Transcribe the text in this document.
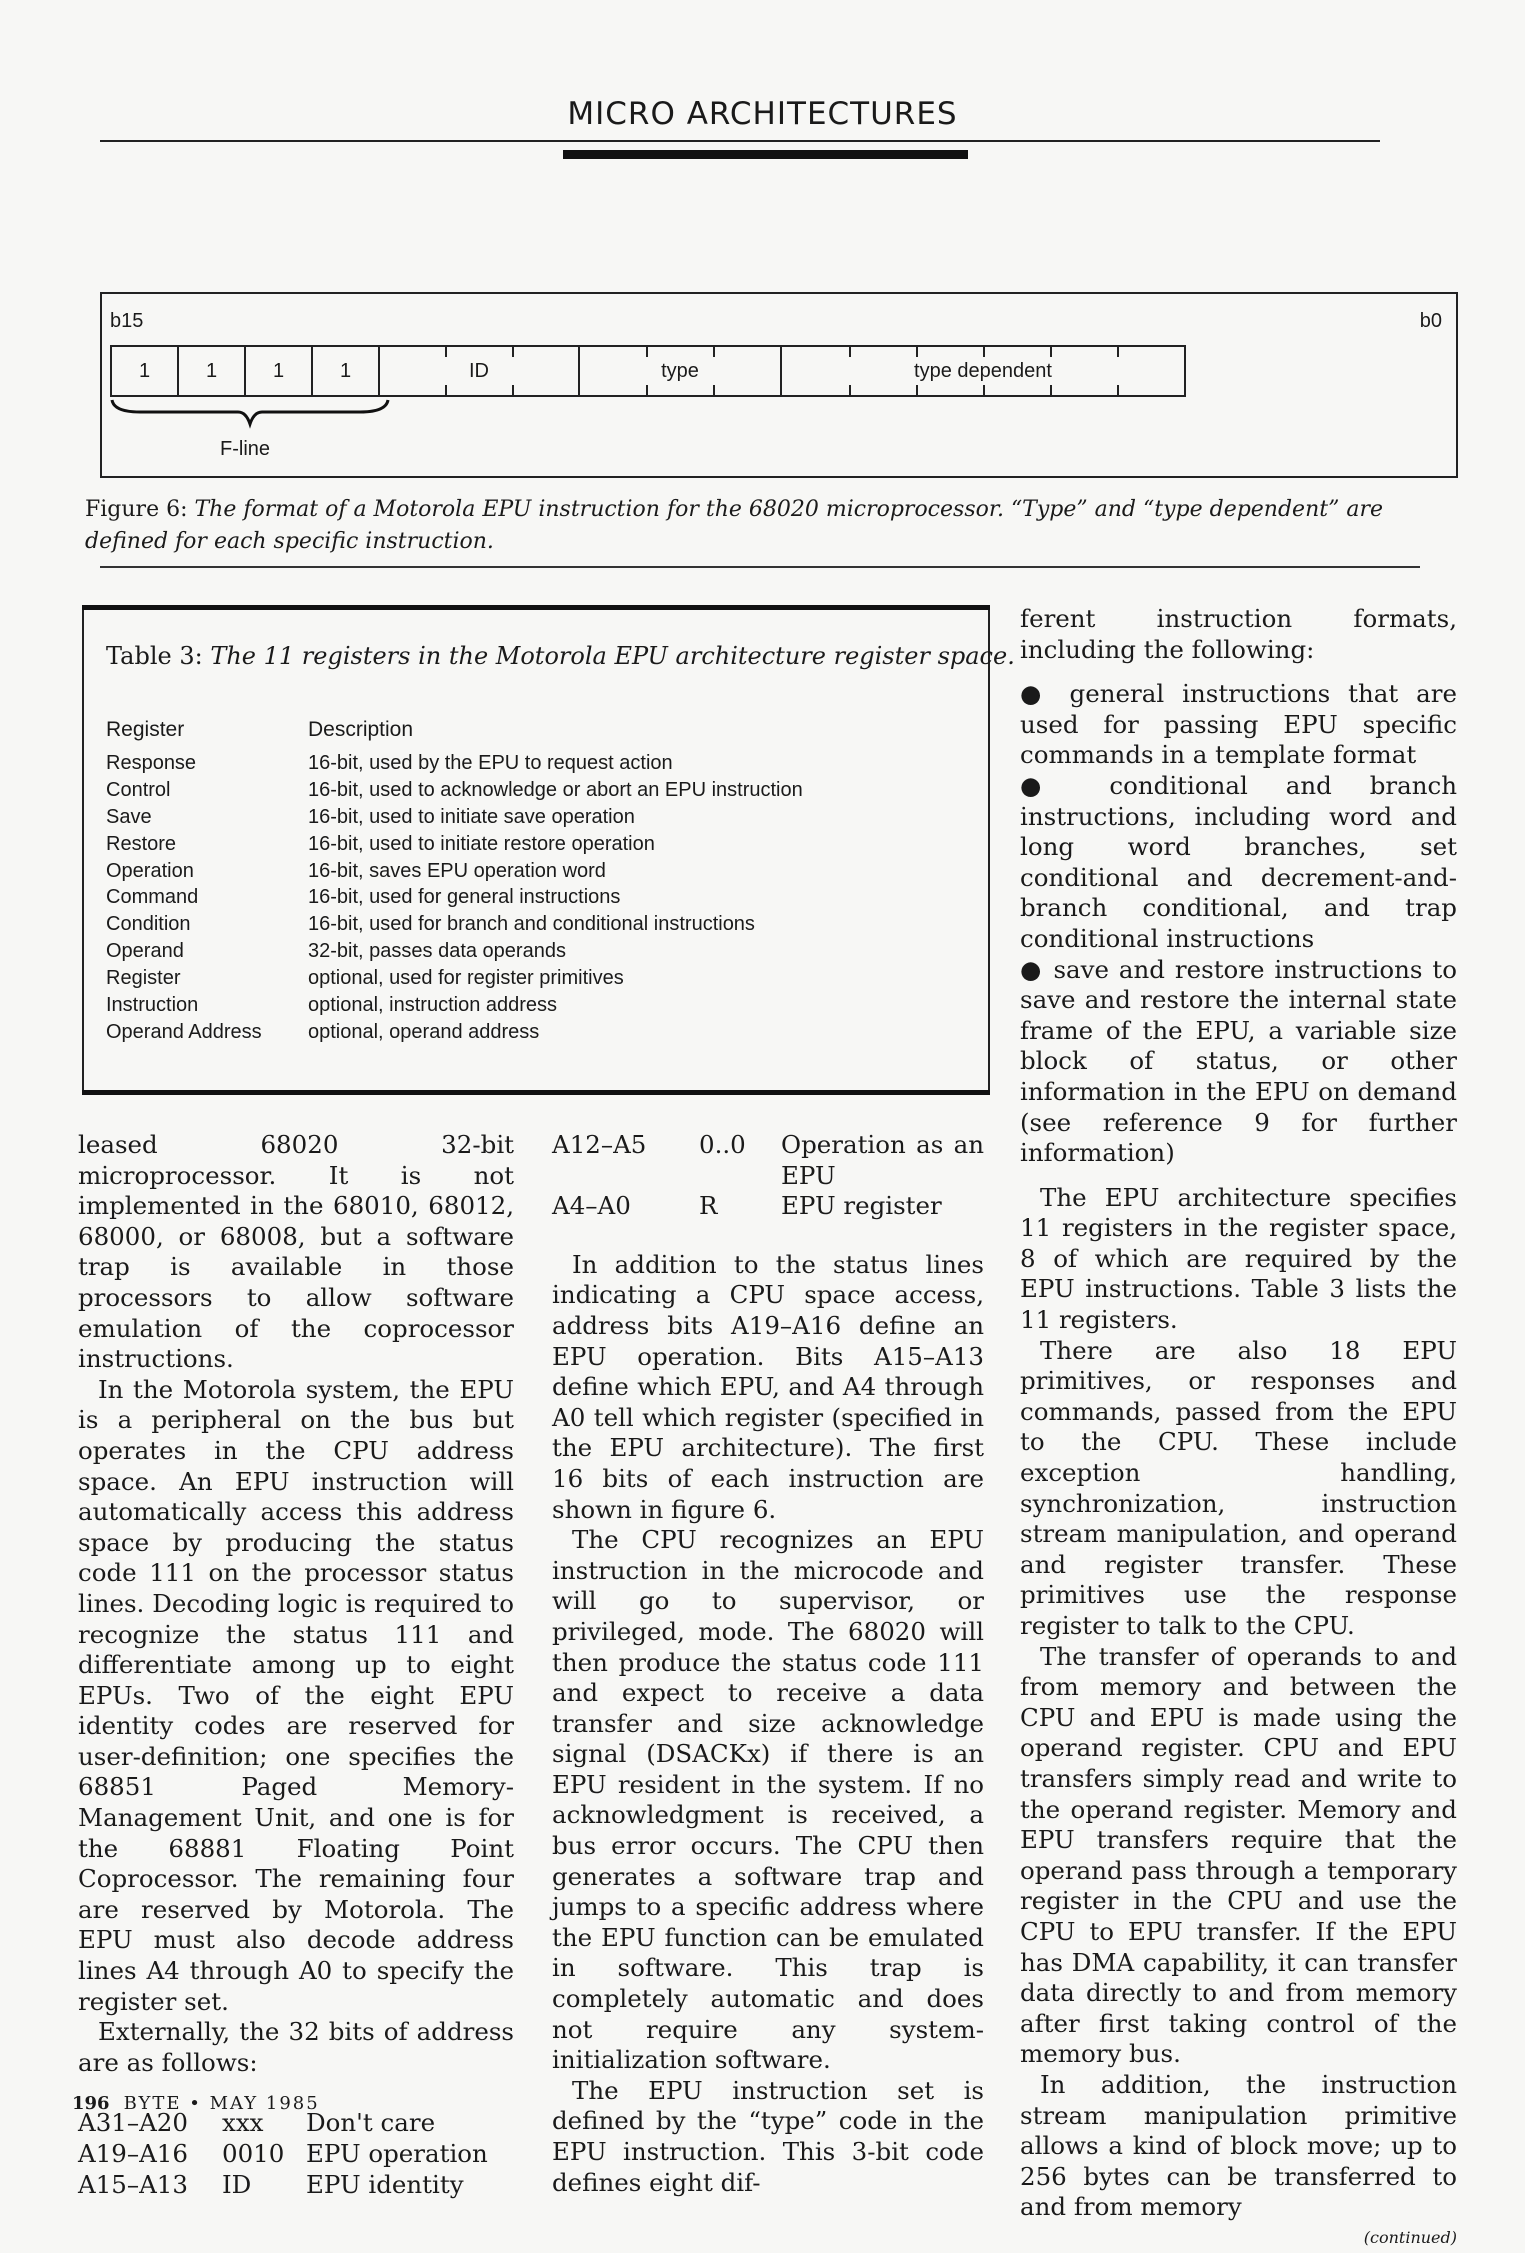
MICRO ARCHITECTURES
b15	b0
1	1	1	1	ID	type	type dependent
F-line
Figure 6: The format of a Motorola EPU instruction for the 68020 microprocessor. “Type” and “type dependent” are defined for each specific instruction.
Table 3: The 11 registers in the Motorola EPU architecture register space.
Register	Description
Response	16-bit, used by the EPU to request action
Control	16-bit, used to acknowledge or abort an EPU instruction
Save	16-bit, used to initiate save operation
Restore	16-bit, used to initiate restore operation
Operation	16-bit, saves EPU operation word
Command	16-bit, used for general instructions
Condition	16-bit, used for branch and conditional instructions
Operand	32-bit, passes data operands
Register	optional, used for register primitives
Instruction	optional, instruction address
Operand Address	optional, operand address

leased 68020 32-bit microprocessor. It is not implemented in the 68010, 68012, 68000, or 68008, but a software trap is available in those processors to allow software emulation of the coprocessor instructions.

In the Motorola system, the EPU is a peripheral on the bus but operates in the CPU address space. An EPU instruction will automatically access this address space by producing the status code 111 on the processor status lines. Decoding logic is required to recognize the status 111 and differentiate among up to eight EPUs. Two of the eight EPU identity codes are reserved for user-definition; one specifies the 68851 Paged Memory-Management Unit, and one is for the 68881 Floating Point Coprocessor. The remaining four are reserved by Motorola. The EPU must also decode address lines A4 through A0 to specify the register set.

Externally, the 32 bits of address are as follows:

A31–A20	xxx	Don't care
A19–A16	0010	EPU operation
A15–A13	ID	EPU identity
A12–A5	0..0	Operation as an EPU
A4–A0	R	EPU register

In addition to the status lines indicating a CPU space access, address bits A19–A16 define an EPU operation. Bits A15–A13 define which EPU, and A4 through A0 tell which register (specified in the EPU architecture). The first 16 bits of each instruction are shown in figure 6.

The CPU recognizes an EPU instruction in the microcode and will go to supervisor, or privileged, mode. The 68020 will then produce the status code 111 and expect to receive a data transfer and size acknowledge signal (DSACKx) if there is an EPU resident in the system. If no acknowledgment is received, a bus error occurs. The CPU then generates a software trap and jumps to a specific address where the EPU function can be emulated in software. This trap is completely automatic and does not require any system-initialization software.

The EPU instruction set is defined by the “type” code in the EPU instruction. This 3-bit code defines eight dif-

ferent instruction formats, including the following:

● general instructions that are used for passing EPU specific commands in a template format

● conditional and branch instructions, including word and long word branches, set conditional and decrement-and-branch conditional, and trap conditional instructions

● save and restore instructions to save and restore the internal state frame of the EPU, a variable size block of status, or other information in the EPU on demand (see reference 9 for further information)

The EPU architecture specifies 11 registers in the register space, 8 of which are required by the EPU instructions. Table 3 lists the 11 registers.

There are also 18 EPU primitives, or responses and commands, passed from the EPU to the CPU. These include exception handling, synchronization, instruction stream manipulation, and operand and register transfer. These primitives use the response register to talk to the CPU.

The transfer of operands to and from memory and between the CPU and EPU is made using the operand register. CPU and EPU transfers simply read and write to the operand register. Memory and EPU transfers require that the operand pass through a temporary register in the CPU and use the CPU to EPU transfer. If the EPU has DMA capability, it can transfer data directly to and from memory after first taking control of the memory bus.

In addition, the instruction stream manipulation primitive allows a kind of block move; up to 256 bytes can be transferred to and from memory

(continued)
196 BYTE • MAY 1985
